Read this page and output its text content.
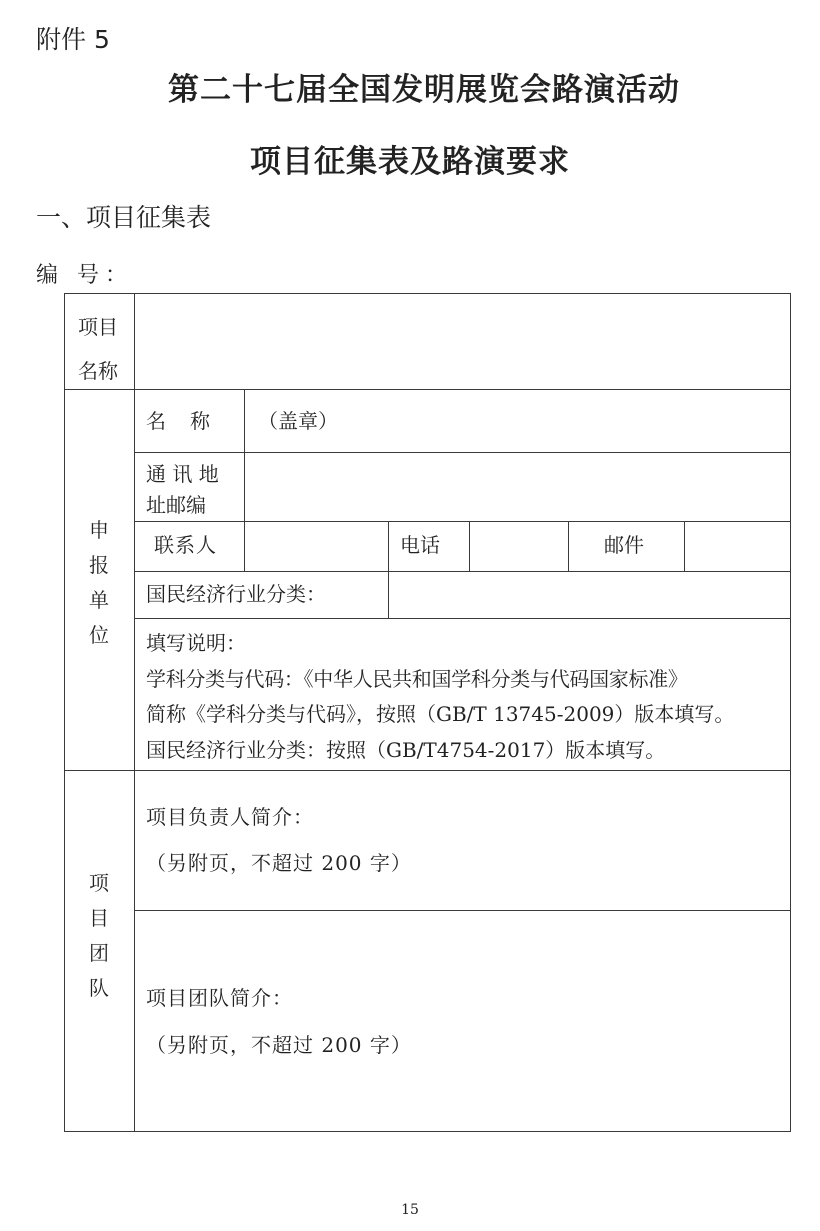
附件 5
第二十七届全国发明展览会路演活动
项目征集表及路演要求
一、项目征集表
编 号：
项目
名称
申
报
单
位
名　称 （盖章）
通 讯 地
址邮编
联系人	电话	邮件
国民经济行业分类：
填写说明：
学科分类与代码：《中华人民共和国学科分类与代码国家标准》
简称《学科分类与代码》，按照（GB/T 13745-2009）版本填写。
国民经济行业分类：按照（GB/T4754-2017）版本填写。
项
目
团
队
项目负责人简介：
（另附页，不超过 200 字）
项目团队简介：
（另附页，不超过 200 字）
15
